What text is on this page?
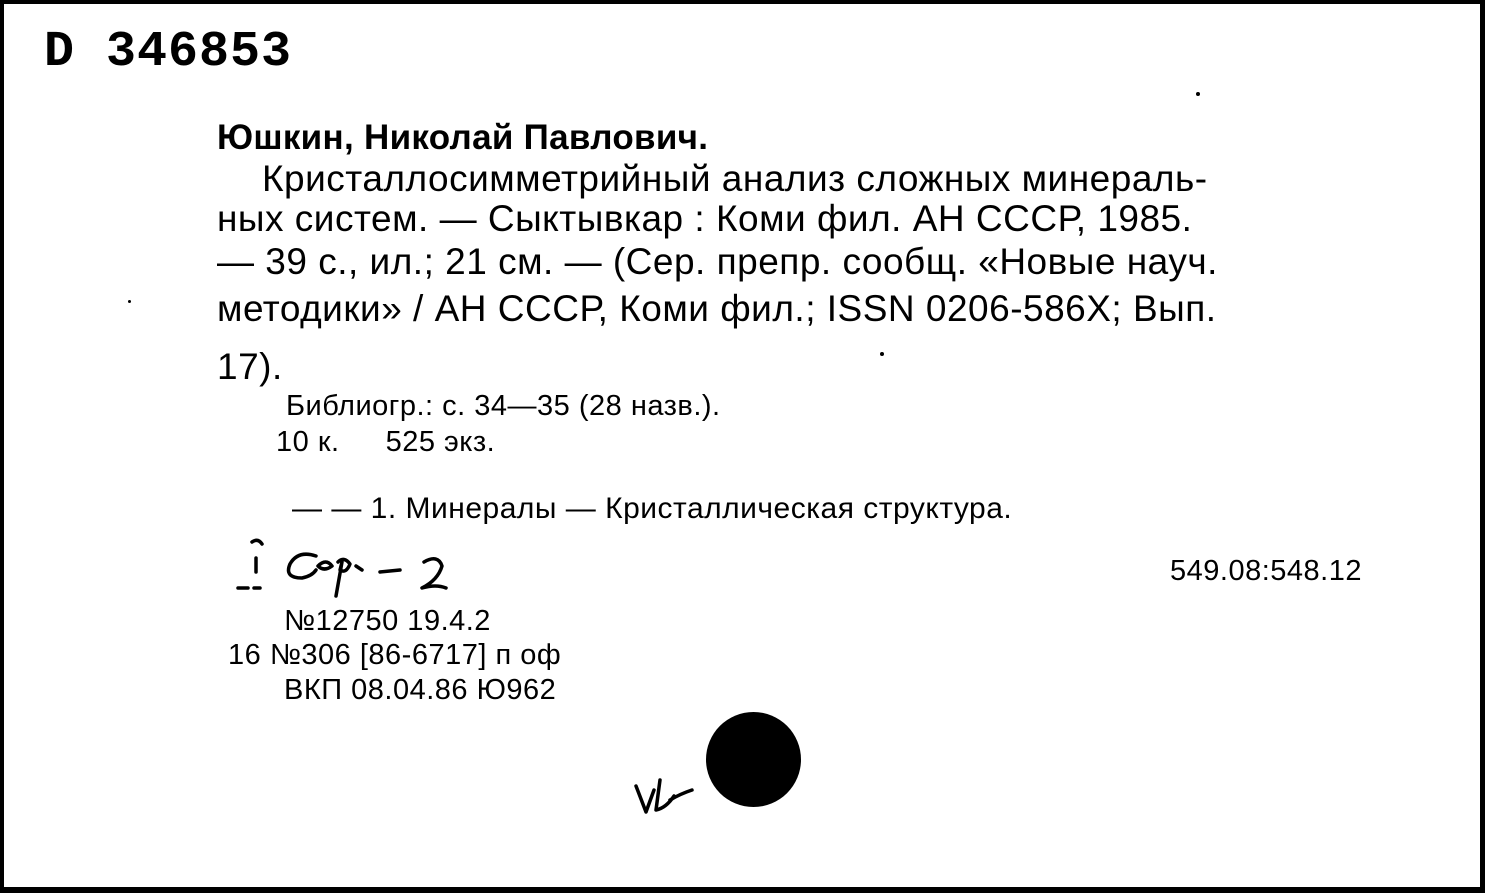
D 346853
Юшкин, Николай Павлович.
Кристаллосимметрийный анализ сложных минераль-
ных систем. — Сыктывкар : Коми фил. АН СССР, 1985.
— 39 с., ил.; 21 см. — (Сер. препр. сообщ. «Новые науч.
методики» / АН СССР, Коми фил.; ISSN 0206-586X; Вып.
17).
Библиогр.: с. 34—35 (28 назв.).
10 к. 525 экз.
— — 1. Минералы — Кристаллическая структура.
549.08:548.12
№12750 19.4.2
16 №306 [86-6717] п оф
ВКП 08.04.86 Ю962
